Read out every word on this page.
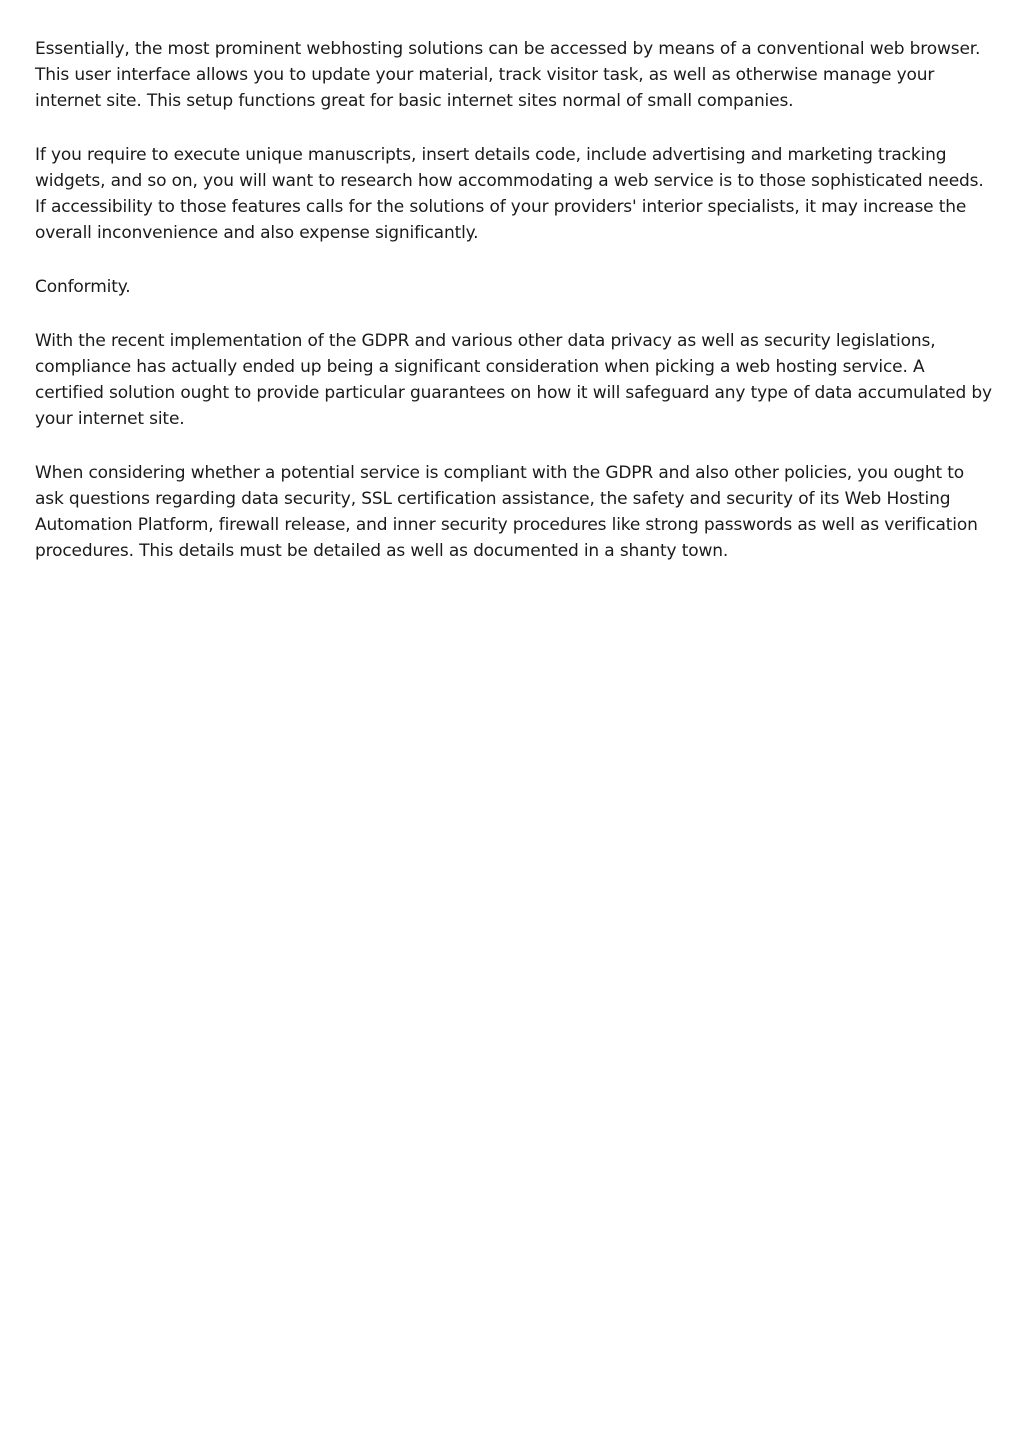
Essentially, the most prominent webhosting solutions can be accessed by means of a conventional web browser. This user interface allows you to update your material, track visitor task, as well as otherwise manage your internet site. This setup functions great for basic internet sites normal of small companies.

If you require to execute unique manuscripts, insert details code, include advertising and marketing tracking widgets, and so on, you will want to research how accommodating a web service is to those sophisticated needs. If accessibility to those features calls for the solutions of your providers' interior specialists, it may increase the overall inconvenience and also expense significantly.

Conformity.

With the recent implementation of the GDPR and various other data privacy as well as security legislations, compliance has actually ended up being a significant consideration when picking a web hosting service. A certified solution ought to provide particular guarantees on how it will safeguard any type of data accumulated by your internet site.

When considering whether a potential service is compliant with the GDPR and also other policies, you ought to ask questions regarding data security, SSL certification assistance, the safety and security of its Web Hosting Automation Platform, firewall release, and inner security procedures like strong passwords as well as verification procedures. This details must be detailed as well as documented in a shanty town.
